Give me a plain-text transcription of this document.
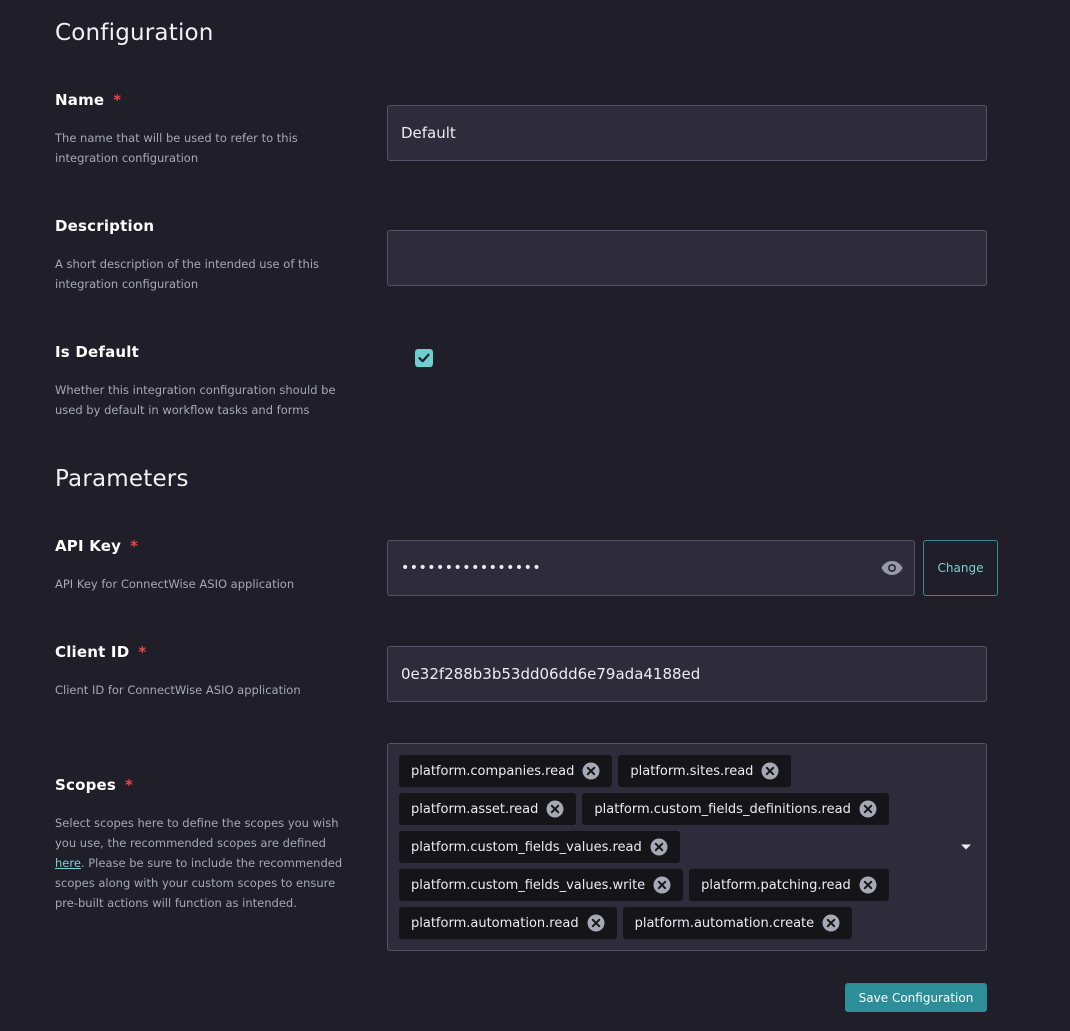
Configuration
Name *
The name that will be used to refer to this integration configuration
Default
Description
A short description of the intended use of this integration configuration
Is Default
Whether this integration configuration should be used by default in workflow tasks and forms
Parameters
API Key *
API Key for ConnectWise ASIO application
••••••••••••••••	Change
Client ID *
Client ID for ConnectWise ASIO application
0e32f288b3b53dd06dd6e79ada4188ed
Scopes *
Select scopes here to define the scopes you wish you use, the recommended scopes are defined here. Please be sure to include the recommended scopes along with your custom scopes to ensure pre-built actions will function as intended.
platform.companies.read	platform.sites.read
platform.asset.read	platform.custom_fields_definitions.read
platform.custom_fields_values.read
platform.custom_fields_values.write	platform.patching.read
platform.automation.read	platform.automation.create
Save Configuration
